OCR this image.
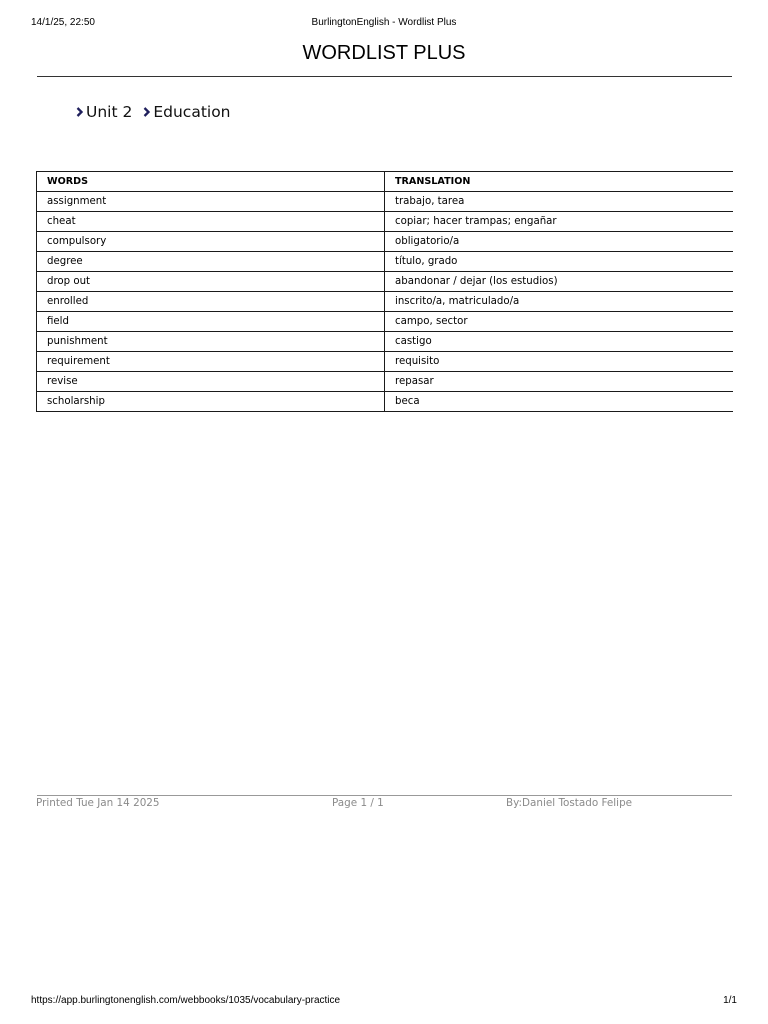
14/1/25, 22:50	BurlingtonEnglish - Wordlist Plus
WORDLIST PLUS
Unit 2 Education
WORDS	TRANSLATION
assignment	trabajo, tarea
cheat	copiar; hacer trampas; engañar
compulsory	obligatorio/a
degree	título, grado
drop out	abandonar / dejar (los estudios)
enrolled	inscrito/a, matriculado/a
field	campo, sector
punishment	castigo
requirement	requisito
revise	repasar
scholarship	beca
Printed Tue Jan 14 2025	Page 1 / 1	By:Daniel Tostado Felipe
https://app.burlingtonenglish.com/webbooks/1035/vocabulary-practice	1/1
